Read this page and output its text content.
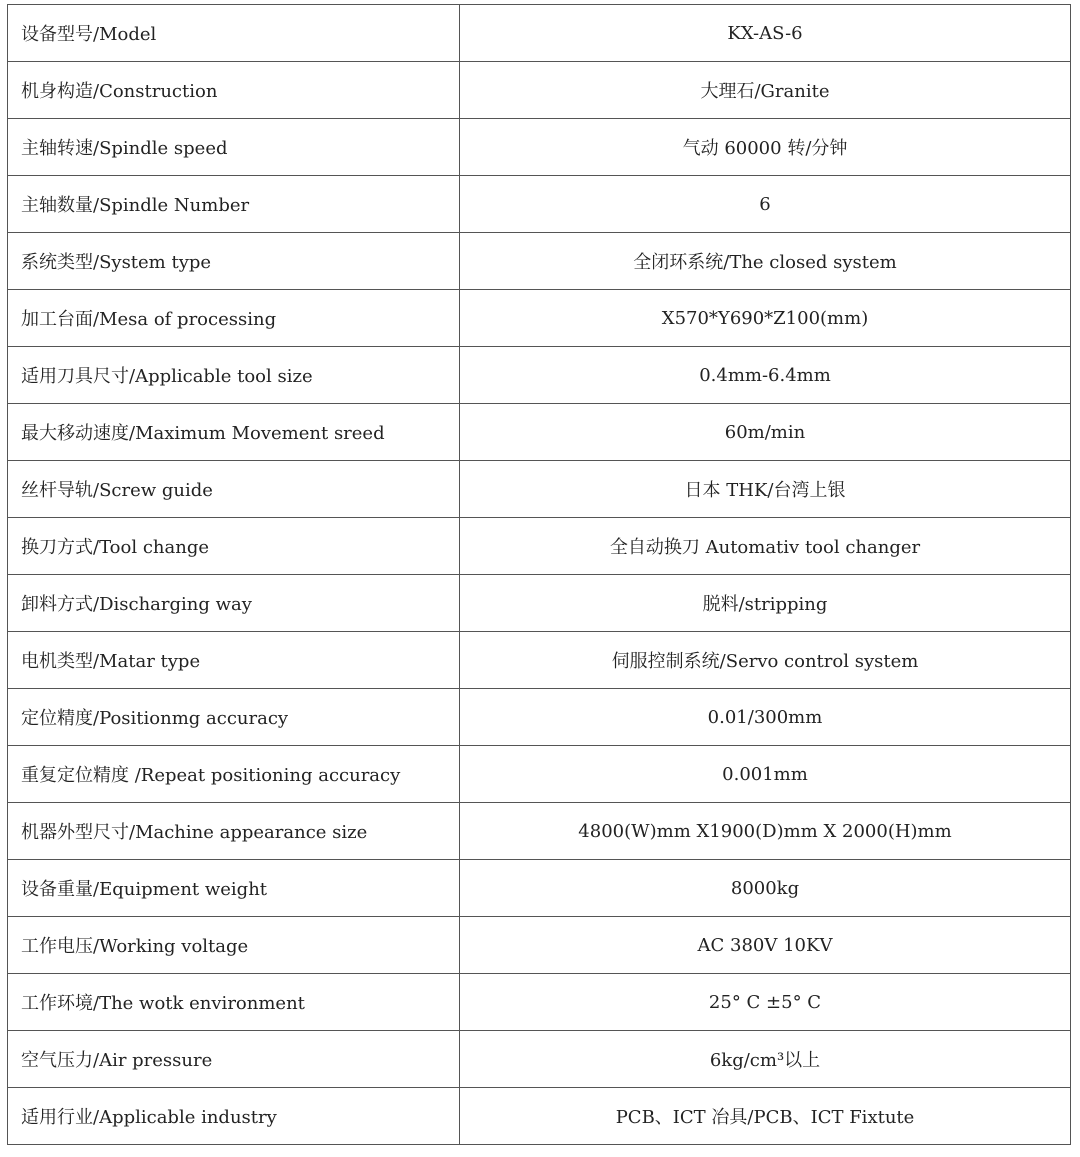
设备型号/Model	KX-AS-6
机身构造/Construction	大理石/Granite
主轴转速/Spindle speed	气动 60000 转/分钟
主轴数量/Spindle Number	6
系统类型/System type	全闭环系统/The closed system
加工台面/Mesa of processing	X570*Y690*Z100(mm)
适用刀具尺寸/Applicable tool size	0.4mm-6.4mm
最大移动速度/Maximum Movement sreed	60m/min
丝杆导轨/Screw guide	日本 THK/台湾上银
换刀方式/Tool change	全自动换刀 Automativ tool changer
卸料方式/Discharging way	脱料/stripping
电机类型/Matar type	伺服控制系统/Servo control system
定位精度/Positionmg accuracy	0.01/300mm
重复定位精度 /Repeat positioning accuracy	0.001mm
机器外型尺寸/Machine appearance size	4800(W)mm X1900(D)mm X 2000(H)mm
设备重量/Equipment weight	8000kg
工作电压/Working voltage	AC 380V 10KV
工作环境/The wotk environment	25° C ±5° C
空气压力/Air pressure	6kg/cm³以上
适用行业/Applicable industry	PCB、ICT 冶具/PCB、ICT Fixtute
